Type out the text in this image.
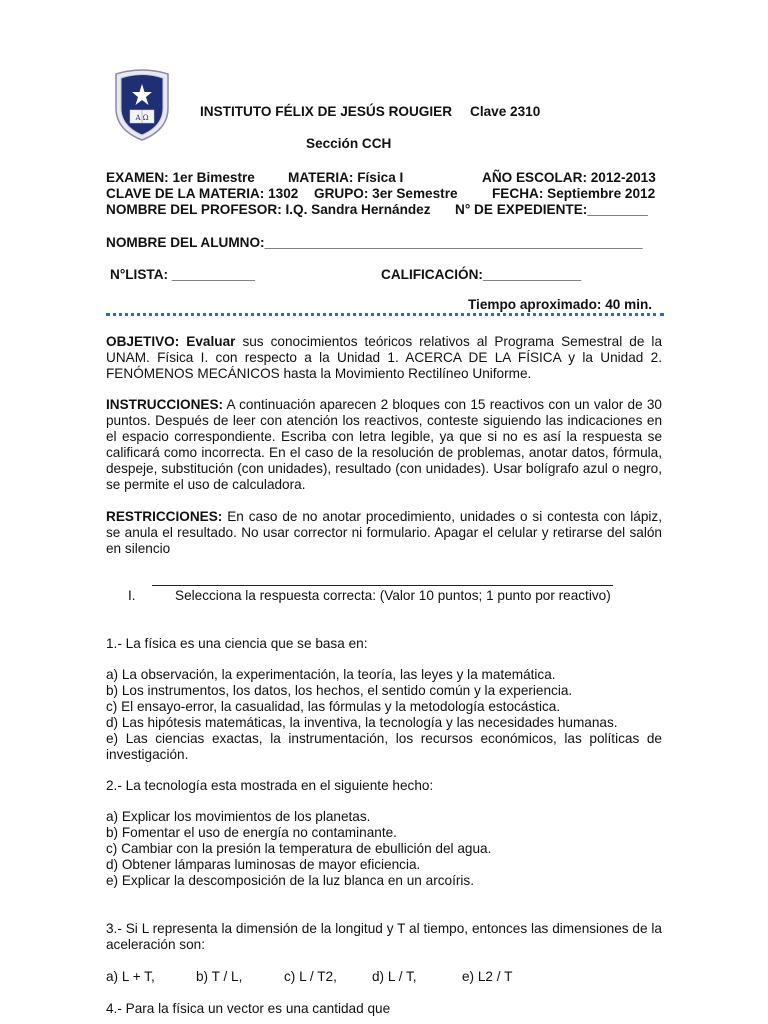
Α Ω	INSTITUTO FÉLIX DE JESÚS ROUGIER Clave 2310
Sección CCH
EXAMEN: 1er Bimestre MATERIA: Física I	AÑO ESCOLAR: 2012-2013
CLAVE DE LA MATERIA: 1302 GRUPO: 3er Semestre	FECHA: Septiembre 2012
NOMBRE DEL PROFESOR: I.Q. Sandra Hernández N° DE EXPEDIENTE:________
NOMBRE DEL ALUMNO:__________________________________________________
N°LISTA: ___________	CALIFICACIÓN:_____________
Tiempo aproximado: 40 min.
OBJETIVO: Evaluar sus conocimientos teóricos relativos al Programa Semestral de la UNAM. Física I. con respecto a la Unidad 1. ACERCA DE LA FÍSICA y la Unidad 2. FENÓMENOS MECÁNICOS hasta la Movimiento Rectilíneo Uniforme.
INSTRUCCIONES: A continuación aparecen 2 bloques con 15 reactivos con un valor de 30 puntos. Después de leer con atención los reactivos, conteste siguiendo las indicaciones en el espacio correspondiente. Escriba con letra legible, ya que si no es así la respuesta se calificará como incorrecta. En el caso de la resolución de problemas, anotar datos, fórmula, despeje, substitución (con unidades), resultado (con unidades). Usar bolígrafo azul o negro, se permite el uso de calculadora.
RESTRICCIONES: En caso de no anotar procedimiento, unidades o si contesta con lápiz, se anula el resultado. No usar corrector ni formulario. Apagar el celular y retirarse del salón en silencio
I.	Selecciona la respuesta correcta: (Valor 10 puntos; 1 punto por reactivo)
1.- La física es una ciencia que se basa en:
a) La observación, la experimentación, la teoría, las leyes y la matemática.
b) Los instrumentos, los datos, los hechos, el sentido común y la experiencia.
c) El ensayo-error, la casualidad, las fórmulas y la metodología estocástica.
d) Las hipótesis matemáticas, la inventiva, la tecnología y las necesidades humanas.
e) Las ciencias exactas, la instrumentación, los recursos económicos, las políticas de investigación.
2.- La tecnología esta mostrada en el siguiente hecho:
a) Explicar los movimientos de los planetas.
b) Fomentar el uso de energía no contaminante.
c) Cambiar con la presión la temperatura de ebullición del agua.
d) Obtener lámparas luminosas de mayor eficiencia.
e) Explicar la descomposición de la luz blanca en un arcoíris.
3.- Si L representa la dimensión de la longitud y T al tiempo, entonces las dimensiones de la aceleración son:
a) L + T,	b) T / L,	c) L / T2,	d) L / T,	e) L2 / T
4.- Para la física un vector es una cantidad que
